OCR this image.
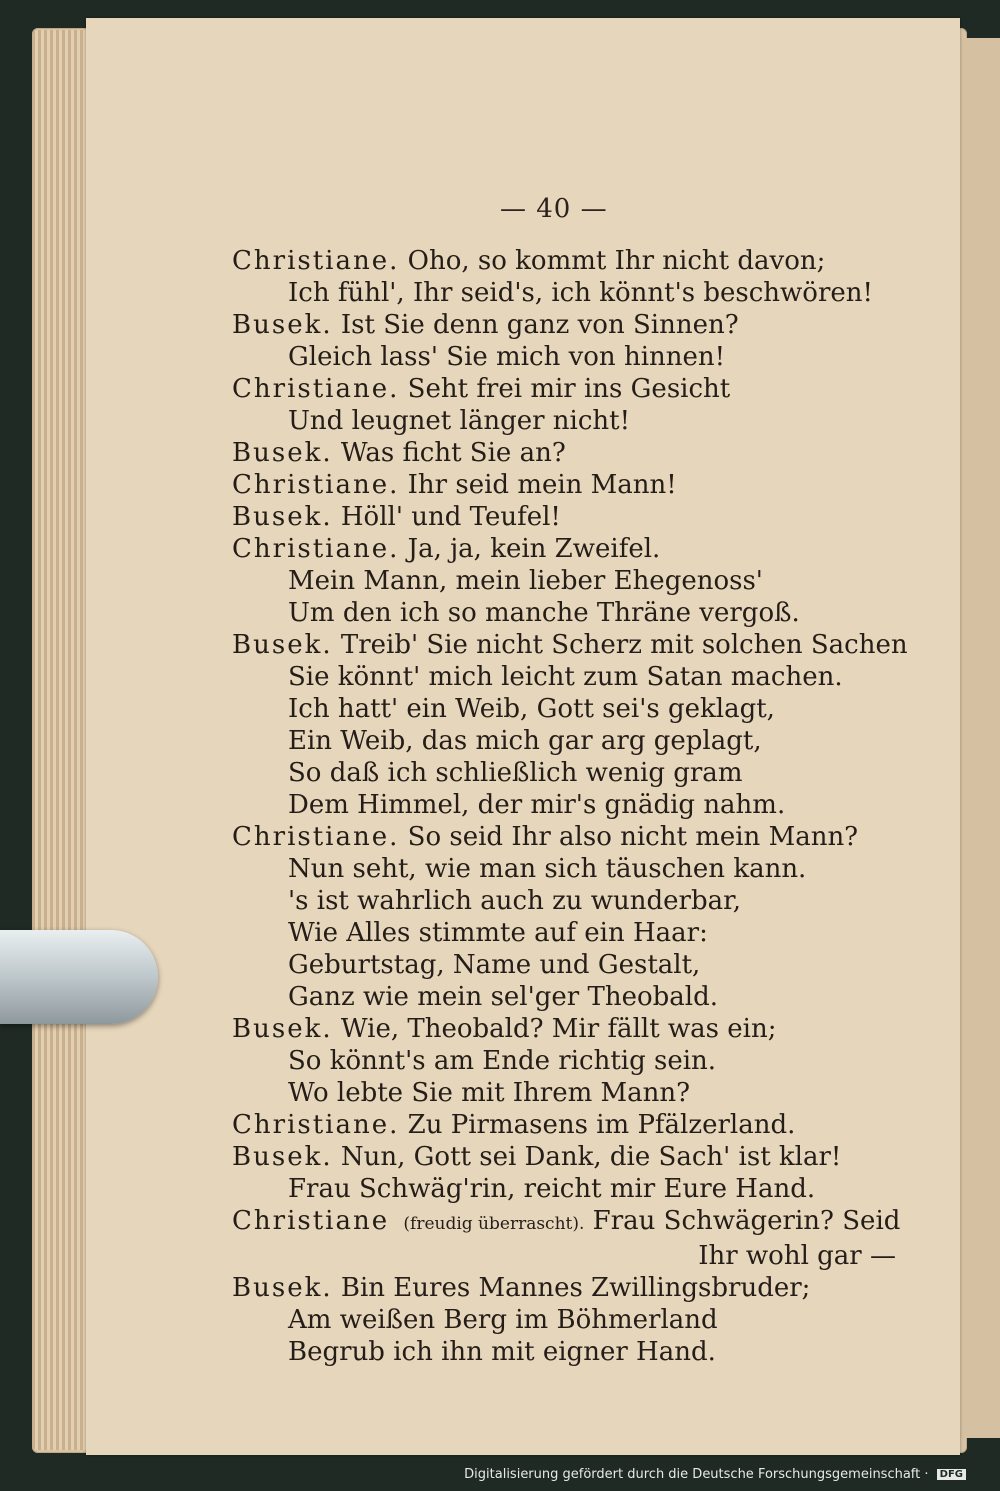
— 40 —
Christiane. Oho, so kommt Ihr nicht davon;
Ich fühl', Ihr seid's, ich könnt's beschwören!
Busek. Ist Sie denn ganz von Sinnen?
Gleich lass' Sie mich von hinnen!
Christiane. Seht frei mir ins Gesicht
Und leugnet länger nicht!
Busek. Was ficht Sie an?
Christiane. Ihr seid mein Mann!
Busek. Höll' und Teufel!
Christiane. Ja, ja, kein Zweifel.
Mein Mann, mein lieber Ehegenoss'
Um den ich so manche Thräne vergoß.
Busek. Treib' Sie nicht Scherz mit solchen Sachen
Sie könnt' mich leicht zum Satan machen.
Ich hatt' ein Weib, Gott sei's geklagt,
Ein Weib, das mich gar arg geplagt,
So daß ich schließlich wenig gram
Dem Himmel, der mir's gnädig nahm.
Christiane. So seid Ihr also nicht mein Mann?
Nun seht, wie man sich täuschen kann.
's ist wahrlich auch zu wunderbar,
Wie Alles stimmte auf ein Haar:
Geburtstag, Name und Gestalt,
Ganz wie mein sel'ger Theobald.
Busek. Wie, Theobald? Mir fällt was ein;
So könnt's am Ende richtig sein.
Wo lebte Sie mit Ihrem Mann?
Christiane. Zu Pirmasens im Pfälzerland.
Busek. Nun, Gott sei Dank, die Sach' ist klar!
Frau Schwäg'rin, reicht mir Eure Hand.
Christiane (freudig überrascht). Frau Schwägerin? Seid
Ihr wohl gar —
Busek. Bin Eures Mannes Zwillingsbruder;
Am weißen Berg im Böhmerland
Begrub ich ihn mit eigner Hand.
Digitalisierung gefördert durch die Deutsche Forschungsgemeinschaft · DFG
